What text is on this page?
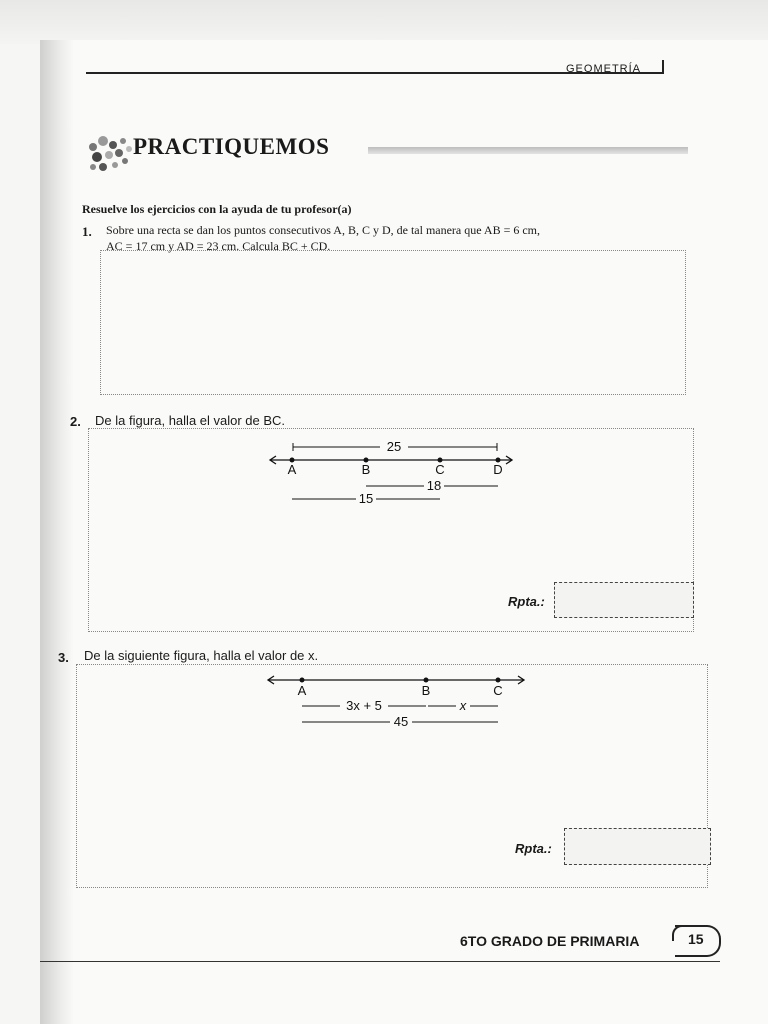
GEOMETRÍA
PRACTIQUEMOS
Resuelve los ejercicios con la ayuda de tu profesor(a)
1. Sobre una recta se dan los puntos consecutivos A, B, C y D, de tal manera que AB = 6 cm,
AC = 17 cm y AD = 23 cm. Calcula BC + CD.
2. De la figura, halla el valor de BC.
A	B	C	D
25
18
15
Rpta.:
3. De la siguiente figura, halla el valor de x.
A	B	C
3x + 5	x
45
Rpta.:
6TO GRADO DE PRIMARIA	15
